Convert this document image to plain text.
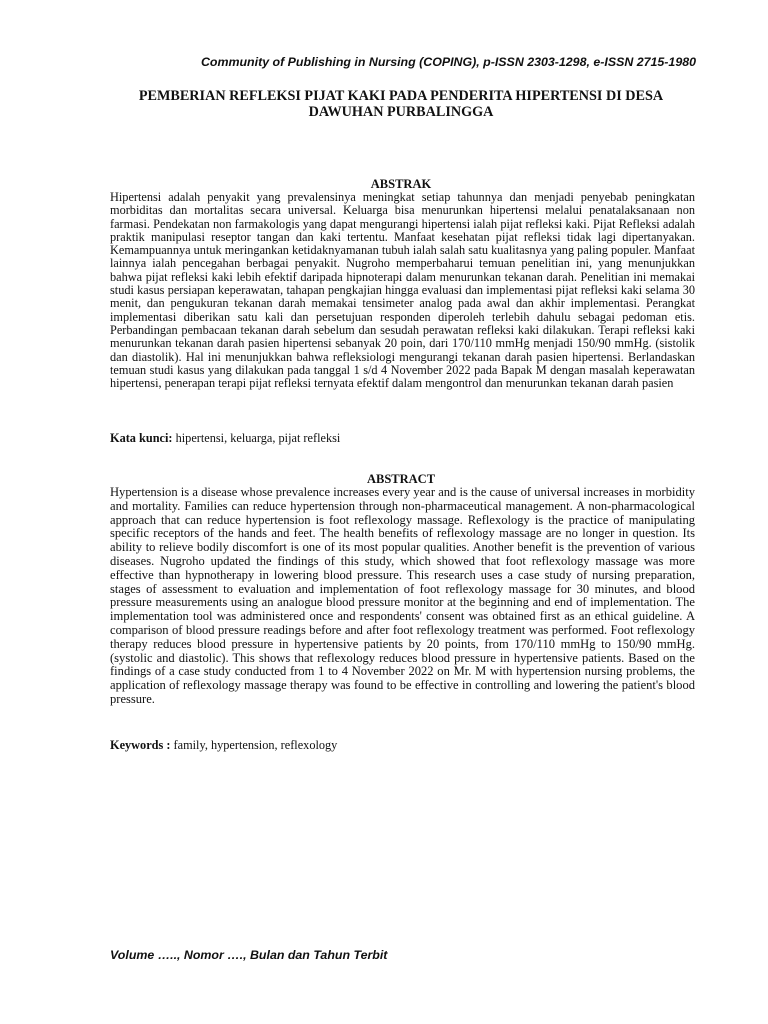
Community of Publishing in Nursing (COPING), p-ISSN 2303-1298, e-ISSN 2715-1980
PEMBERIAN REFLEKSI PIJAT KAKI PADA PENDERITA HIPERTENSI DI DESA DAWUHAN PURBALINGGA
ABSTRAK

Hipertensi adalah penyakit yang prevalensinya meningkat setiap tahunnya dan menjadi penyebab peningkatan morbiditas dan mortalitas secara universal. Keluarga bisa menurunkan hipertensi melalui penatalaksanaan non farmasi. Pendekatan non farmakologis yang dapat mengurangi hipertensi ialah pijat refleksi kaki. Pijat Refleksi adalah praktik manipulasi reseptor tangan dan kaki tertentu. Manfaat kesehatan pijat refleksi tidak lagi dipertanyakan. Kemampuannya untuk meringankan ketidaknyamanan tubuh ialah salah satu kualitasnya yang paling populer. Manfaat lainnya ialah pencegahan berbagai penyakit. Nugroho memperbaharui temuan penelitian ini, yang menunjukkan bahwa pijat refleksi kaki lebih efektif daripada hipnoterapi dalam menurunkan tekanan darah. Penelitian ini memakai studi kasus persiapan keperawatan, tahapan pengkajian hingga evaluasi dan implementasi pijat refleksi kaki selama 30 menit, dan pengukuran tekanan darah memakai tensimeter analog pada awal dan akhir implementasi. Perangkat implementasi diberikan satu kali dan persetujuan responden diperoleh terlebih dahulu sebagai pedoman etis. Perbandingan pembacaan tekanan darah sebelum dan sesudah perawatan refleksi kaki dilakukan. Terapi refleksi kaki menurunkan tekanan darah pasien hipertensi sebanyak 20 poin, dari 170/110 mmHg menjadi 150/90 mmHg. (sistolik dan diastolik). Hal ini menunjukkan bahwa refleksiologi mengurangi tekanan darah pasien hipertensi. Berlandaskan temuan studi kasus yang dilakukan pada tanggal 1 s/d 4 November 2022 pada Bapak M dengan masalah keperawatan hipertensi, penerapan terapi pijat refleksi ternyata efektif dalam mengontrol dan menurunkan tekanan darah pasien

Kata kunci: hipertensi, keluarga, pijat refleksi
ABSTRACT

Hypertension is a disease whose prevalence increases every year and is the cause of universal increases in morbidity and mortality. Families can reduce hypertension through non-pharmaceutical management. A non-pharmacological approach that can reduce hypertension is foot reflexology massage. Reflexology is the practice of manipulating specific receptors of the hands and feet. The health benefits of reflexology massage are no longer in question. Its ability to relieve bodily discomfort is one of its most popular qualities. Another benefit is the prevention of various diseases. Nugroho updated the findings of this study, which showed that foot reflexology massage was more effective than hypnotherapy in lowering blood pressure. This research uses a case study of nursing preparation, stages of assessment to evaluation and implementation of foot reflexology massage for 30 minutes, and blood pressure measurements using an analogue blood pressure monitor at the beginning and end of implementation. The implementation tool was administered once and respondents' consent was obtained first as an ethical guideline. A comparison of blood pressure readings before and after foot reflexology treatment was performed. Foot reflexology therapy reduces blood pressure in hypertensive patients by 20 points, from 170/110 mmHg to 150/90 mmHg. (systolic and diastolic). This shows that reflexology reduces blood pressure in hypertensive patients. Based on the findings of a case study conducted from 1 to 4 November 2022 on Mr. M with hypertension nursing problems, the application of reflexology massage therapy was found to be effective in controlling and lowering the patient's blood pressure.

Keywords : family, hypertension, reflexology
Volume ….., Nomor …., Bulan dan Tahun Terbit
